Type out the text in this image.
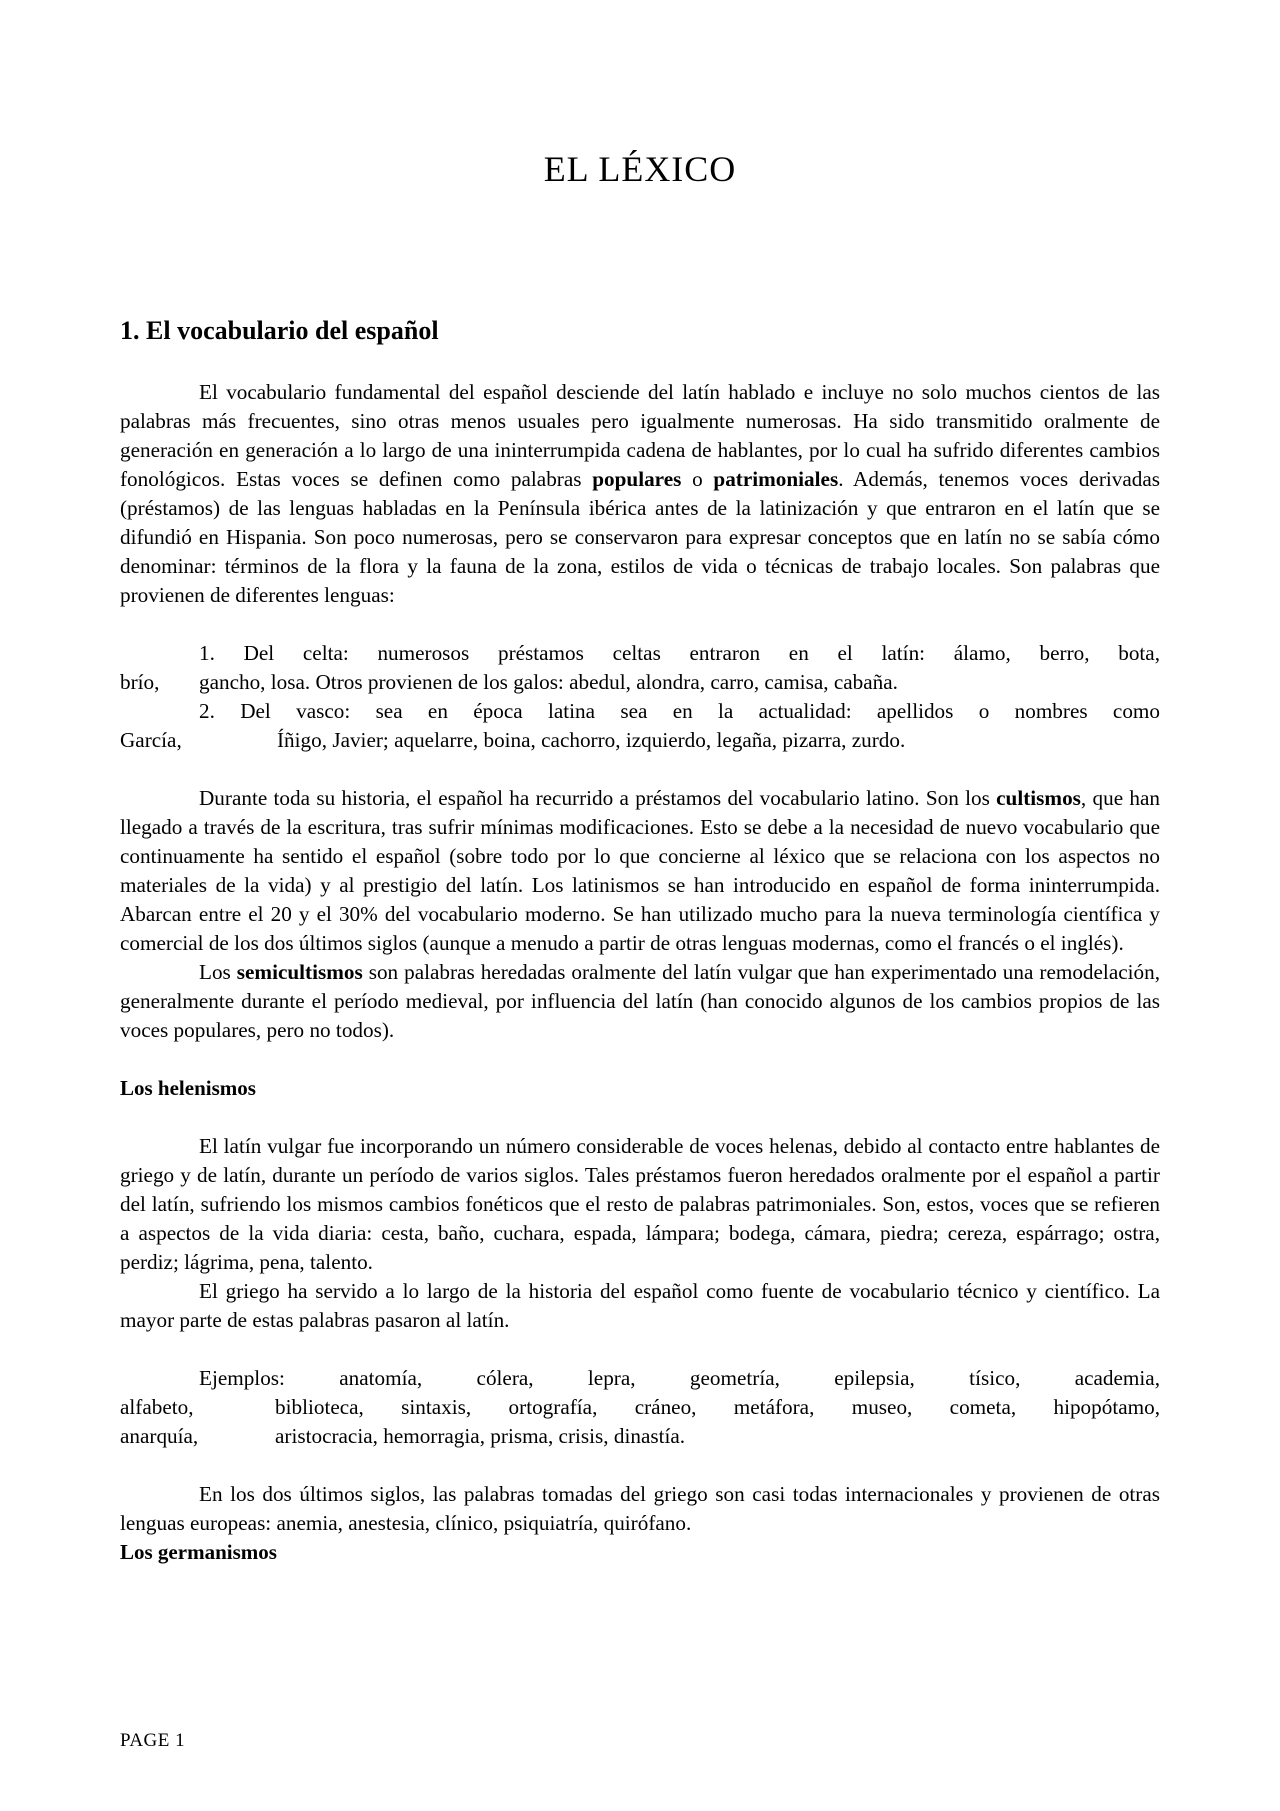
EL LÉXICO
1. El vocabulario del español

El vocabulario fundamental del español desciende del latín hablado e incluye no solo muchos cientos de las palabras más frecuentes, sino otras menos usuales pero igualmente numerosas. Ha sido transmitido oralmente de generación en generación a lo largo de una ininterrumpida cadena de hablantes, por lo cual ha sufrido diferentes cambios fonológicos. Estas voces se definen como palabras populares o patrimoniales. Además, tenemos voces derivadas (préstamos) de las lenguas habladas en la Península ibérica antes de la latinización y que entraron en el latín que se difundió en Hispania. Son poco numerosas, pero se conservaron para expresar conceptos que en latín no se sabía cómo denominar: términos de la flora y la fauna de la zona, estilos de vida o técnicas de trabajo locales. Son palabras que provienen de diferentes lenguas:

1. Del celta: numerosos préstamos celtas entraron en el latín: álamo, berro, bota,
brío,	gancho, losa. Otros provienen de los galos: abedul, alondra, carro, camisa, cabaña.
2. Del vasco: sea en época latina sea en la actualidad: apellidos o nombres como
García,	Íñigo, Javier; aquelarre, boina, cachorro, izquierdo, legaña, pizarra, zurdo.

Durante toda su historia, el español ha recurrido a préstamos del vocabulario latino. Son los cultismos, que han llegado a través de la escritura, tras sufrir mínimas modificaciones. Esto se debe a la necesidad de nuevo vocabulario que continuamente ha sentido el español (sobre todo por lo que concierne al léxico que se relaciona con los aspectos no materiales de la vida) y al prestigio del latín. Los latinismos se han introducido en español de forma ininterrumpida. Abarcan entre el 20 y el 30% del vocabulario moderno. Se han utilizado mucho para la nueva terminología científica y comercial de los dos últimos siglos (aunque a menudo a partir de otras lenguas modernas, como el francés o el inglés).

Los semicultismos son palabras heredadas oralmente del latín vulgar que han experimentado una remodelación, generalmente durante el período medieval, por influencia del latín (han conocido algunos de los cambios propios de las voces populares, pero no todos).

Los helenismos

El latín vulgar fue incorporando un número considerable de voces helenas, debido al contacto entre hablantes de griego y de latín, durante un período de varios siglos. Tales préstamos fueron heredados oralmente por el español a partir del latín, sufriendo los mismos cambios fonéticos que el resto de palabras patrimoniales. Son, estos, voces que se refieren a aspectos de la vida diaria: cesta, baño, cuchara, espada, lámpara; bodega, cámara, piedra; cereza, espárrago; ostra, perdiz; lágrima, pena, talento.

El griego ha servido a lo largo de la historia del español como fuente de vocabulario técnico y científico. La mayor parte de estas palabras pasaron al latín.

Ejemplos: anatomía, cólera, lepra, geometría, epilepsia, tísico, academia,
alfabeto,	biblioteca, sintaxis, ortografía, cráneo, metáfora, museo, cometa, hipopótamo,
anarquía,	aristocracia, hemorragia, prisma, crisis, dinastía.

En los dos últimos siglos, las palabras tomadas del griego son casi todas internacionales y provienen de otras lenguas europeas: anemia, anestesia, clínico, psiquiatría, quirófano.

Los germanismos

PAGE 1
